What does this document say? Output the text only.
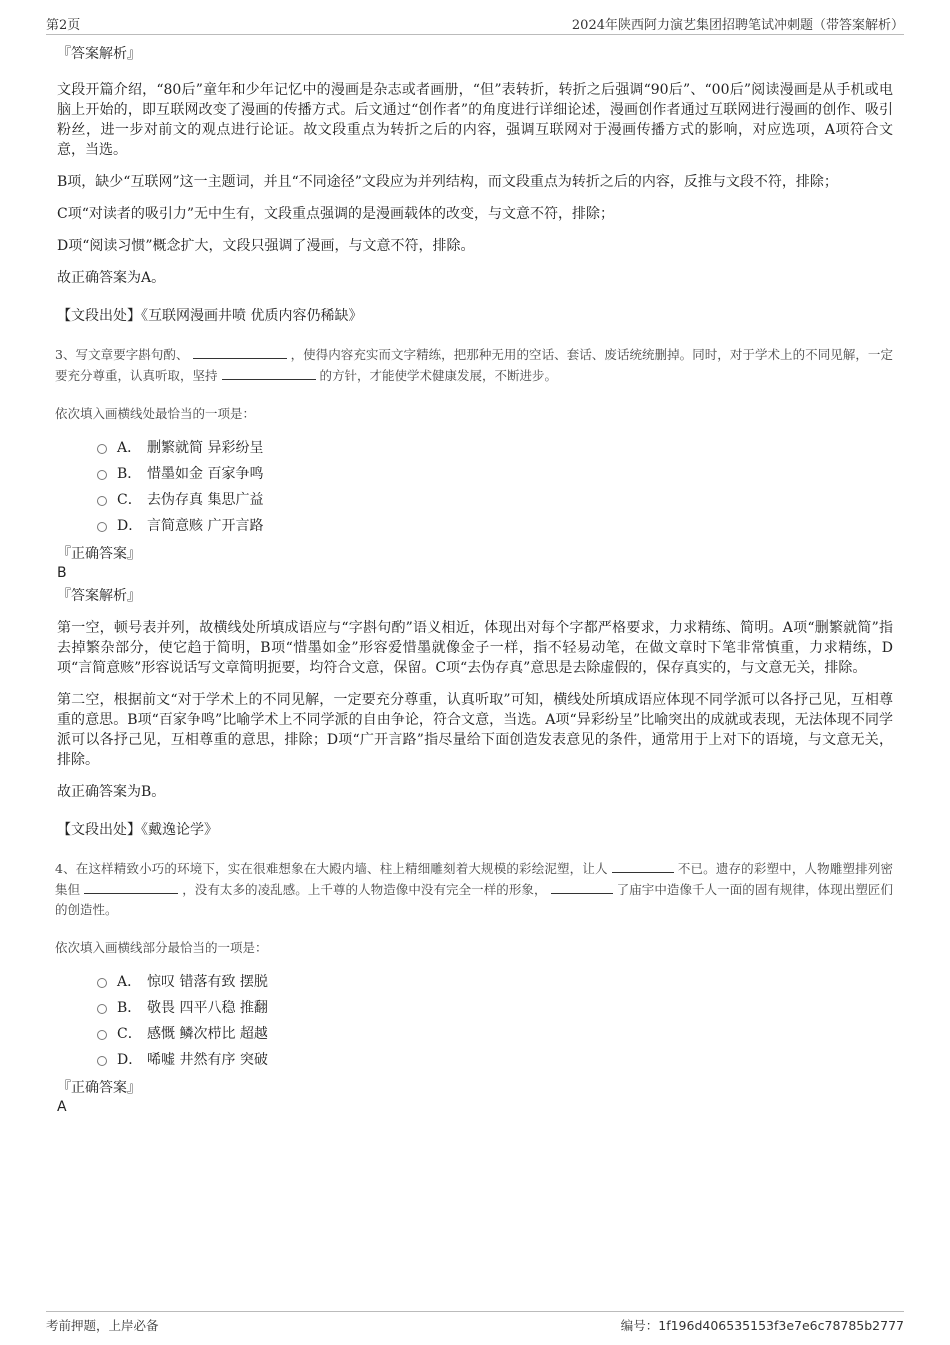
第2页	2024年陕西阿力演艺集团招聘笔试冲刺题（带答案解析）

『答案解析』

文段开篇介绍，“80后”童年和少年记忆中的漫画是杂志或者画册，“但”表转折，转折之后强调“90后”、“00后”阅读漫画是从手机或电脑上开始的，即互联网改变了漫画的传播方式。后文通过“创作者”的角度进行详细论述，漫画创作者通过互联网进行漫画的创作、吸引粉丝，进一步对前文的观点进行论证。故文段重点为转折之后的内容，强调互联网对于漫画传播方式的影响，对应选项，A项符合文意，当选。

B项，缺少“互联网”这一主题词，并且“不同途径”文段应为并列结构，而文段重点为转折之后的内容，反推与文段不符，排除；

C项“对读者的吸引力”无中生有，文段重点强调的是漫画载体的改变，与文意不符，排除；

D项“阅读习惯”概念扩大，文段只强调了漫画，与文意不符，排除。

故正确答案为A。

【文段出处】《互联网漫画井喷 优质内容仍稀缺》

3、写文章要字斟句酌、	，使得内容充实而文字精练，把那种无用的空话、套话、废话统统删掉。同时，对于学术上的不同见解，一定要充分尊重，认真听取，坚持	的方针，才能使学术健康发展，不断进步。

依次填入画横线处最恰当的一项是：

A． 删繁就简 异彩纷呈
B． 惜墨如金 百家争鸣
C． 去伪存真 集思广益
D． 言简意赅 广开言路

『正确答案』

B

『答案解析』

第一空，顿号表并列，故横线处所填成语应与“字斟句酌”语义相近，体现出对每个字都严格要求，力求精练、简明。A项“删繁就简”指去掉繁杂部分，使它趋于简明，B项“惜墨如金”形容爱惜墨就像金子一样，指不轻易动笔，在做文章时下笔非常慎重，力求精练，D项“言简意赅”形容说话写文章简明扼要，均符合文意，保留。C项“去伪存真”意思是去除虚假的，保存真实的，与文意无关，排除。

第二空，根据前文“对于学术上的不同见解，一定要充分尊重，认真听取”可知，横线处所填成语应体现不同学派可以各抒己见，互相尊重的意思。B项“百家争鸣”比喻学术上不同学派的自由争论，符合文意，当选。A项“异彩纷呈”比喻突出的成就或表现，无法体现不同学派可以各抒己见，互相尊重的意思，排除；D项“广开言路”指尽量给下面创造发表意见的条件，通常用于上对下的语境，与文意无关，排除。

故正确答案为B。

【文段出处】《戴逸论学》

4、在这样精致小巧的环境下，实在很难想象在大殿内墙、柱上精细雕刻着大规模的彩绘泥塑，让人	不已。遗存的彩塑中，人物雕塑排列密集但	，没有太多的凌乱感。上千尊的人物造像中没有完全一样的形象，	了庙宇中造像千人一面的固有规律，体现出塑匠们的创造性。

依次填入画横线部分最恰当的一项是：

A． 惊叹 错落有致 摆脱
B． 敬畏 四平八稳 推翻
C． 感慨 鳞次栉比 超越
D． 唏嘘 井然有序 突破

『正确答案』

A

考前押题，上岸必备	编号：1f196d406535153f3e7e6c78785b2777
